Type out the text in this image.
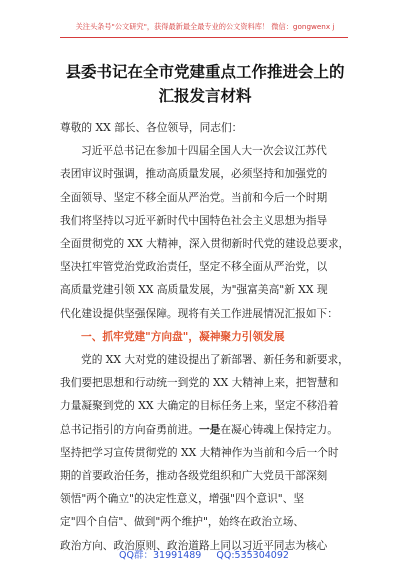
关注头条号"公文研究"，获得最新最全最专业的公文资料库！ 微信：gongwenx j
县委书记在全市党建重点工作推进会上的
汇报发言材料

尊敬的 XX 部长、各位领导，同志们：

习近平总书记在参加十四届全国人大一次会议江苏代

表团审议时强调，推动高质量发展，必须坚持和加强党的

全面领导、坚定不移全面从严治党。当前和今后一个时期

我们将坚持以习近平新时代中国特色社会主义思想为指导

全面贯彻党的 XX 大精神，深入贯彻新时代党的建设总要求，

坚决扛牢管党治党政治责任，坚定不移全面从严治党，以

高质量党建引领 XX 高质量发展，为"强富美高"新 XX 现

代化建设提供坚强保障。现将有关工作进展情况汇报如下：

一、抓牢党建"方向盘"，凝神聚力引领发展

党的 XX 大对党的建设提出了新部署、新任务和新要求，

我们要把思想和行动统一到党的 XX 大精神上来，把智慧和

力量凝聚到党的 XX 大确定的目标任务上来，坚定不移沿着

总书记指引的方向奋勇前进。一是在凝心铸魂上保持定力。

坚持把学习宣传贯彻党的 XX 大精神作为当前和今后一个时

期的首要政治任务，推动各级党组织和广大党员干部深刻

领悟"两个确立"的决定性意义，增强"四个意识"、坚

定"四个自信"、做到"两个维护"，始终在政治立场、

政治方向、政治原则、政治道路上同以习近平同志为核心

QQ群：31991489 QQ:535304092
